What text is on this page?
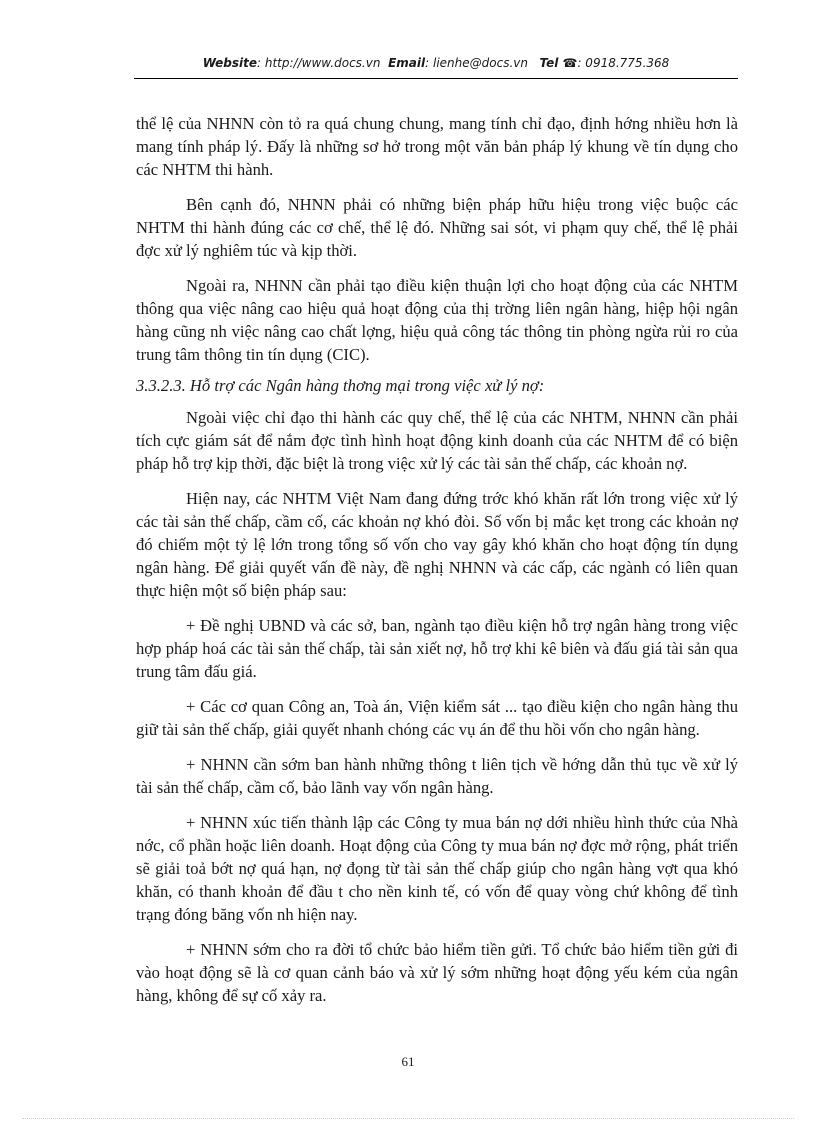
Website: http://www.docs.vn Email: lienhe@docs.vn Tel ☎: 0918.775.368

thể lệ của NHNN còn tỏ ra quá chung chung, mang tính chỉ đạo, định hớng nhiều hơn là mang tính pháp lý. Đấy là những sơ hở trong một văn bản pháp lý khung về tín dụng cho các NHTM thi hành.

Bên cạnh đó, NHNN phải có những biện pháp hữu hiệu trong việc buộc các NHTM thi hành đúng các cơ chế, thể lệ đó. Những sai sót, vi phạm quy chế, thể lệ phải đợc xử lý nghiêm túc và kịp thời.

Ngoài ra, NHNN cần phải tạo điều kiện thuận lợi cho hoạt động của các NHTM thông qua việc nâng cao hiệu quả hoạt động của thị trờng liên ngân hàng, hiệp hội ngân hàng cũng nh việc nâng cao chất lợng, hiệu quả công tác thông tin phòng ngừa rủi ro của trung tâm thông tin tín dụng (CIC).

3.3.2.3. Hỗ trợ các Ngân hàng thơng mại trong việc xử lý nợ:

Ngoài việc chỉ đạo thi hành các quy chế, thể lệ của các NHTM, NHNN cần phải tích cực giám sát để nắm đợc tình hình hoạt động kinh doanh của các NHTM để có biện pháp hỗ trợ kịp thời, đặc biệt là trong việc xử lý các tài sản thế chấp, các khoản nợ.

Hiện nay, các NHTM Việt Nam đang đứng trớc khó khăn rất lớn trong việc xử lý các tài sản thế chấp, cầm cố, các khoản nợ khó đòi. Số vốn bị mắc kẹt trong các khoản nợ đó chiếm một tỷ lệ lớn trong tổng số vốn cho vay gây khó khăn cho hoạt động tín dụng ngân hàng. Để giải quyết vấn đề này, đề nghị NHNN và các cấp, các ngành có liên quan thực hiện một số biện pháp sau:

+ Đề nghị UBND và các sở, ban, ngành tạo điều kiện hỗ trợ ngân hàng trong việc hợp pháp hoá các tài sản thế chấp, tài sản xiết nợ, hỗ trợ khi kê biên và đấu giá tài sản qua trung tâm đấu giá.

+ Các cơ quan Công an, Toà án, Viện kiểm sát ... tạo điều kiện cho ngân hàng thu giữ tài sản thế chấp, giải quyết nhanh chóng các vụ án để thu hồi vốn cho ngân hàng.

+ NHNN cần sớm ban hành những thông t liên tịch về hớng dẫn thủ tục về xử lý tài sản thế chấp, cầm cố, bảo lãnh vay vốn ngân hàng.

+ NHNN xúc tiến thành lập các Công ty mua bán nợ dới nhiều hình thức của Nhà nớc, cổ phần hoặc liên doanh. Hoạt động của Công ty mua bán nợ đợc mở rộng, phát triển sẽ giải toả bớt nợ quá hạn, nợ đọng từ tài sản thế chấp giúp cho ngân hàng vợt qua khó khăn, có thanh khoản để đầu t cho nền kinh tế, có vốn để quay vòng chứ không để tình trạng đóng băng vốn nh hiện nay.

+ NHNN sớm cho ra đời tổ chức bảo hiểm tiền gửi. Tổ chức bảo hiểm tiền gửi đi vào hoạt động sẽ là cơ quan cảnh báo và xử lý sớm những hoạt động yếu kém của ngân hàng, không để sự cố xảy ra.

61
